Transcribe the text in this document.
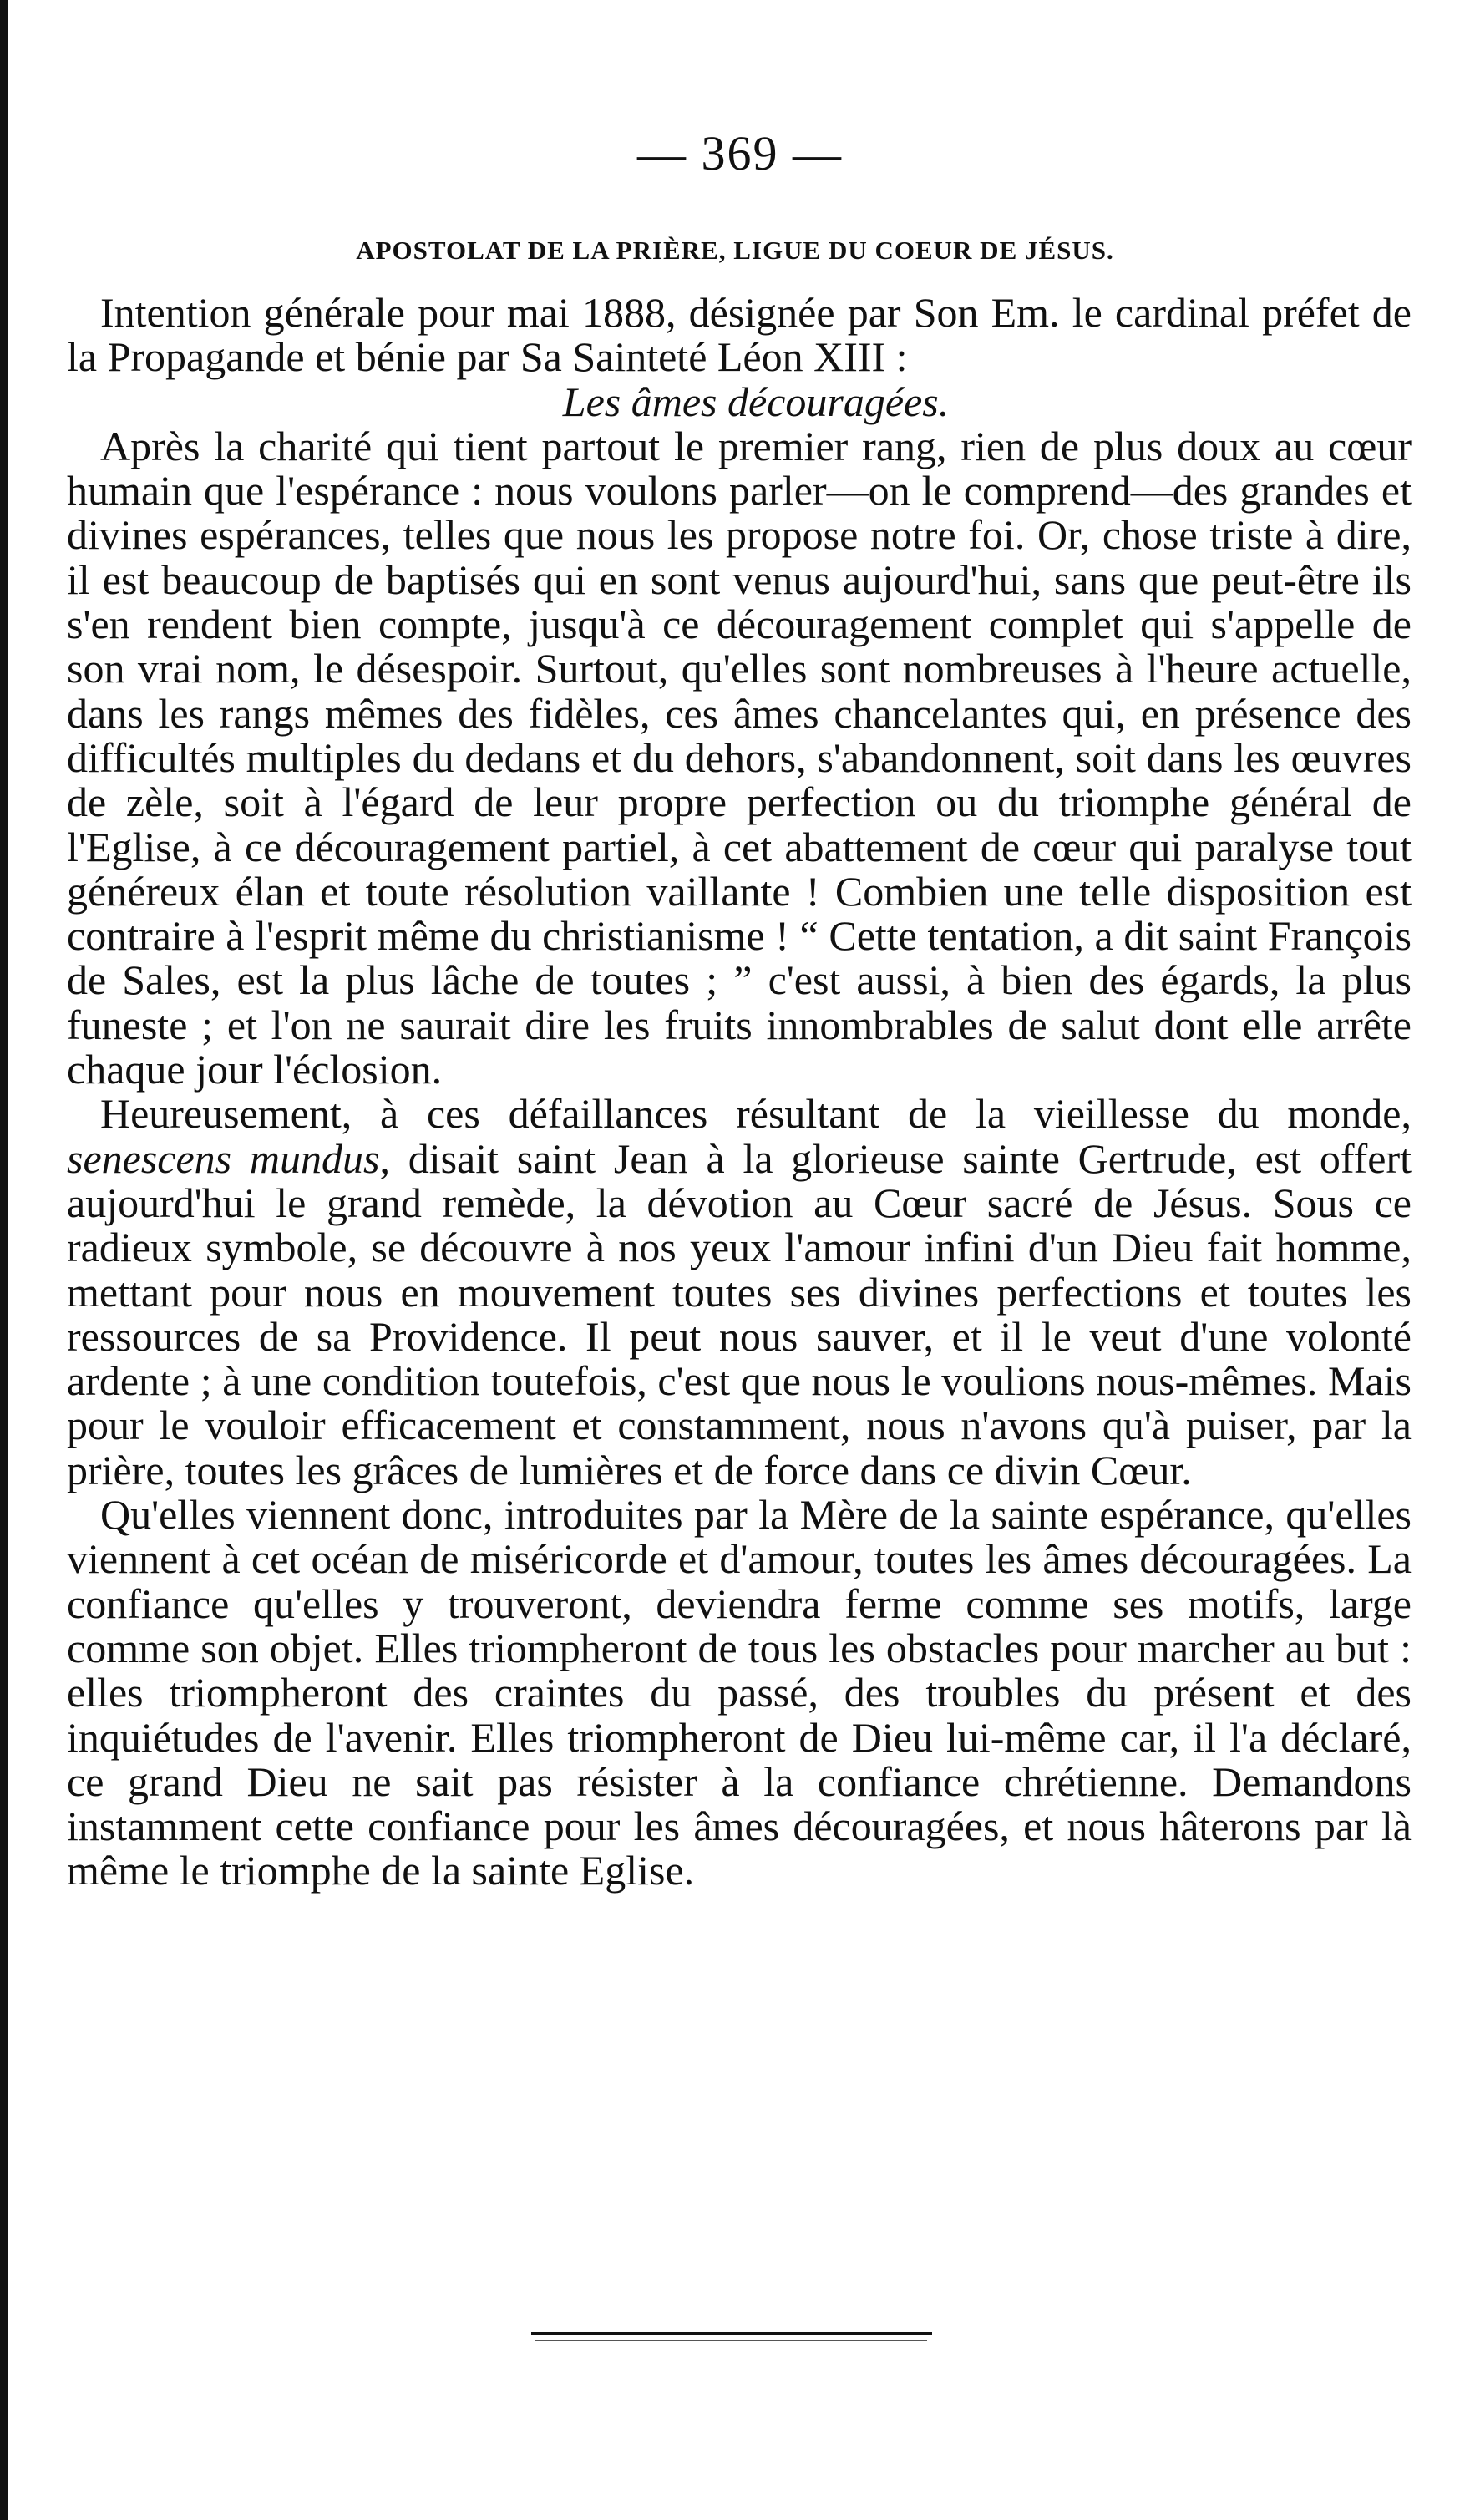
— 369 —
APOSTOLAT DE LA PRIÈRE, LIGUE DU COEUR DE JÉSUS.

Intention générale pour mai 1888, désignée par Son Em. le cardinal préfet de la Propagande et bénie par Sa Sainteté Léon XIII :

Les âmes découragées.

Après la charité qui tient partout le premier rang, rien de plus doux au cœur humain que l'espérance : nous voulons parler—on le comprend—des grandes et divines espérances, telles que nous les propose notre foi. Or, chose triste à dire, il est beaucoup de baptisés qui en sont venus aujourd'hui, sans que peut-être ils s'en rendent bien compte, jusqu'à ce découragement complet qui s'appelle de son vrai nom, le désespoir. Surtout, qu'elles sont nombreuses à l'heure actuelle, dans les rangs mêmes des fidèles, ces âmes chancelantes qui, en présence des difficultés multiples du dedans et du dehors, s'abandonnent, soit dans les œuvres de zèle, soit à l'égard de leur propre perfection ou du triomphe général de l'Eglise, à ce découragement partiel, à cet abattement de cœur qui paralyse tout généreux élan et toute résolution vaillante ! Combien une telle disposition est contraire à l'esprit même du christianisme ! “ Cette tentation, a dit saint François de Sales, est la plus lâche de toutes ; ” c'est aussi, à bien des égards, la plus funeste ; et l'on ne saurait dire les fruits innombrables de salut dont elle arrête chaque jour l'éclosion.

Heureusement, à ces défaillances résultant de la vieillesse du monde, senescens mundus, disait saint Jean à la glorieuse sainte Gertrude, est offert aujourd'hui le grand remède, la dévotion au Cœur sacré de Jésus. Sous ce radieux symbole, se découvre à nos yeux l'amour infini d'un Dieu fait homme, mettant pour nous en mouvement toutes ses divines perfections et toutes les ressources de sa Providence. Il peut nous sauver, et il le veut d'une volonté ardente ; à une condition toutefois, c'est que nous le voulions nous-mêmes. Mais pour le vouloir efficacement et constamment, nous n'avons qu'à puiser, par la prière, toutes les grâces de lumières et de force dans ce divin Cœur.

Qu'elles viennent donc, introduites par la Mère de la sainte espérance, qu'elles viennent à cet océan de miséricorde et d'amour, toutes les âmes découragées. La confiance qu'elles y trouveront, deviendra ferme comme ses motifs, large comme son objet. Elles triompheront de tous les obstacles pour marcher au but : elles triompheront des craintes du passé, des troubles du présent et des inquiétudes de l'avenir. Elles triompheront de Dieu lui-même car, il l'a déclaré, ce grand Dieu ne sait pas résister à la confiance chrétienne. Demandons instamment cette confiance pour les âmes découragées, et nous hâterons par là même le triomphe de la sainte Eglise.
